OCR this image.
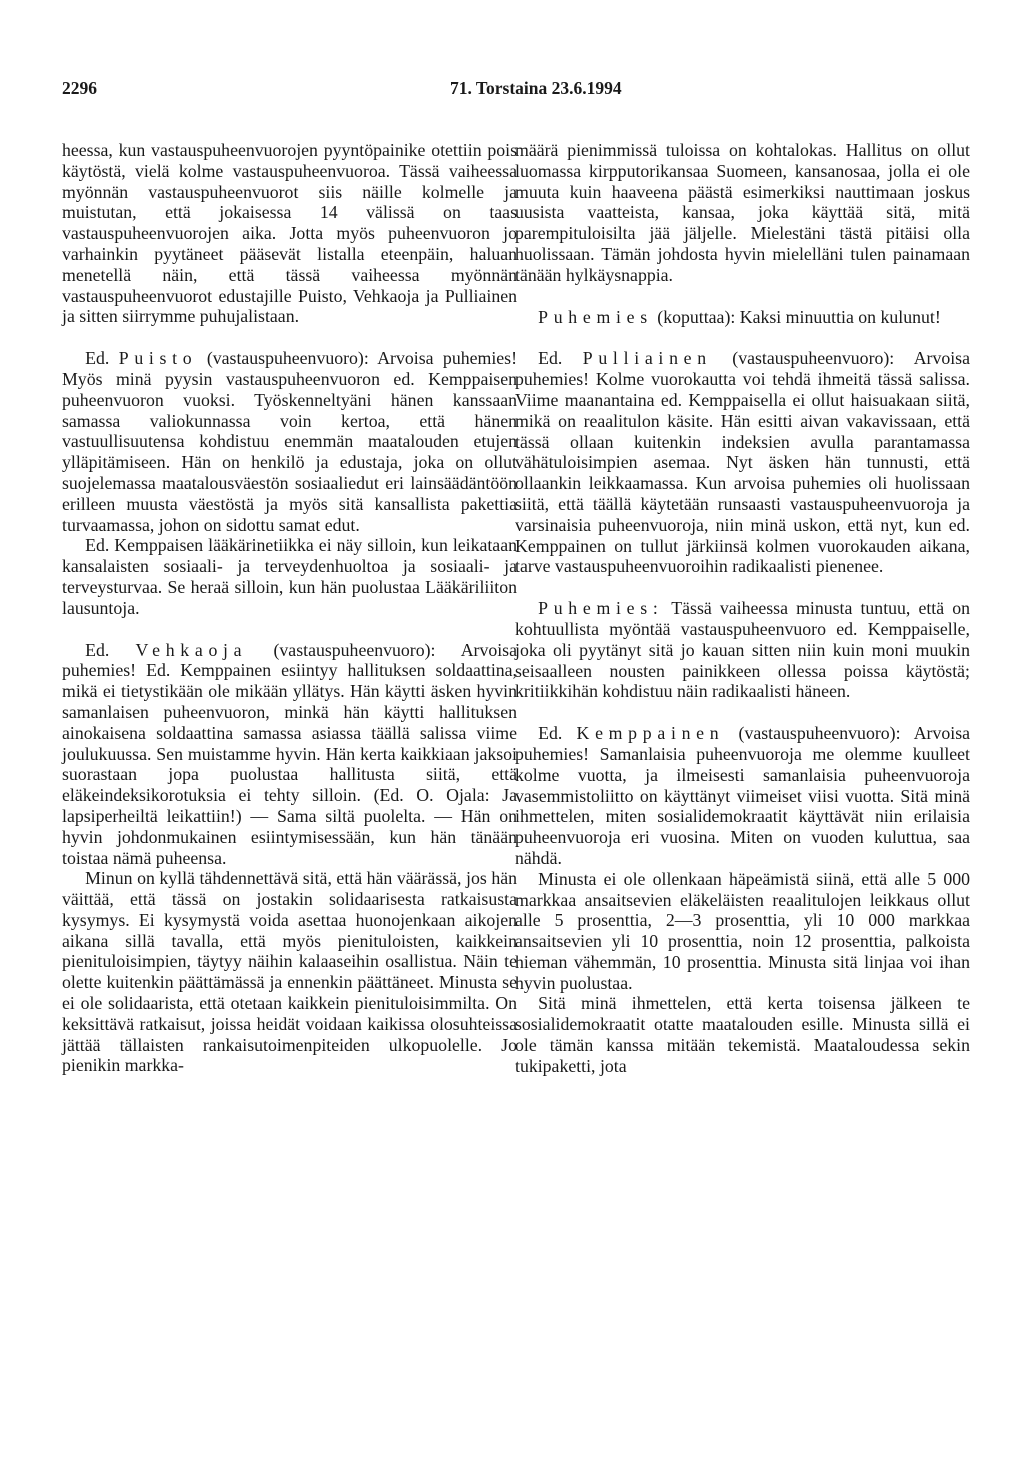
2296	71. Torstaina 23.6.1994

heessa, kun vastauspuheenvuorojen pyyntöpainike otettiin pois käytöstä, vielä kolme vastauspuheenvuoroa. Tässä vaiheessa myönnän vastauspuheenvuorot siis näille kolmelle ja muistutan, että jokaisessa 14 välissä on taas vastauspuheenvuorojen aika. Jotta myös puheenvuoron jo varhainkin pyytäneet pääsevät listalla eteenpäin, haluan menetellä näin, että tässä vaiheessa myönnän vastauspuheenvuorot edustajille Puisto, Vehkaoja ja Pulliainen ja sitten siirrymme puhujalistaan.

Ed. Puisto (vastauspuheenvuoro): Arvoisa puhemies! Myös minä pyysin vastauspuheenvuoron ed. Kemppaisen puheenvuoron vuoksi. Työskenneltyäni hänen kanssaan samassa valiokunnassa voin kertoa, että hänen vastuullisuutensa kohdistuu enemmän maatalouden etujen ylläpitämiseen. Hän on henkilö ja edustaja, joka on ollut suojelemassa maatalousväestön sosiaaliedut eri lainsäädäntöön erilleen muusta väestöstä ja myös sitä kansallista pakettia turvaamassa, johon on sidottu samat edut.

Ed. Kemppaisen lääkärinetiikka ei näy silloin, kun leikataan kansalaisten sosiaali- ja terveydenhuoltoa ja sosiaali- ja terveysturvaa. Se heraä silloin, kun hän puolustaa Lääkäriliiton lausuntoja.

Ed. Vehkaoja (vastauspuheenvuoro): Arvoisa puhemies! Ed. Kemppainen esiintyy hallituksen soldaattina, mikä ei tietystikään ole mikään yllätys. Hän käytti äsken hyvin samanlaisen puheenvuoron, minkä hän käytti hallituksen ainokaisena soldaattina samassa asiassa täällä salissa viime joulukuussa. Sen muistamme hyvin. Hän kerta kaikkiaan jaksoi suorastaan jopa puolustaa hallitusta siitä, että eläkeindeksikorotuksia ei tehty silloin. (Ed. O. Ojala: Ja lapsiperheiltä leikattiin!) — Sama siltä puolelta. — Hän on hyvin johdonmukainen esiintymisessään, kun hän tänään toistaa nämä puheensa.

Minun on kyllä tähdennettävä sitä, että hän väärässä, jos hän väittää, että tässä on jostakin solidaarisesta ratkaisusta kysymys. Ei kysymystä voida asettaa huonojenkaan aikojen aikana sillä tavalla, että myös pienituloisten, kaikkein pienituloisimpien, täytyy näihin kalaaseihin osallistua. Näin te olette kuitenkin päättämässä ja ennenkin päättäneet. Minusta se ei ole solidaarista, että otetaan kaikkein pienituloisimmilta. On keksittävä ratkaisut, joissa heidät voidaan kaikissa olosuhteissa jättää tällaisten rankaisutoimenpiteiden ulkopuolelle. Jo pienikin markka-

määrä pienimmissä tuloissa on kohtalokas. Hallitus on ollut luomassa kirpputorikansaa Suomeen, kansanosaa, jolla ei ole muuta kuin haaveena päästä esimerkiksi nauttimaan joskus uusista vaatteista, kansaa, joka käyttää sitä, mitä parempituloisilta jää jäljelle. Mielestäni tästä pitäisi olla huolissaan. Tämän johdosta hyvin mielelläni tulen painamaan tänään hylkäysnappia.

Puhemies (koputtaa): Kaksi minuuttia on kulunut!

Ed. Pulliainen (vastauspuheenvuoro): Arvoisa puhemies! Kolme vuorokautta voi tehdä ihmeitä tässä salissa. Viime maanantaina ed. Kemppaisella ei ollut haisuakaan siitä, mikä on reaalitulon käsite. Hän esitti aivan vakavissaan, että tässä ollaan kuitenkin indeksien avulla parantamassa vähätuloisimpien asemaa. Nyt äsken hän tunnusti, että ollaankin leikkaamassa. Kun arvoisa puhemies oli huolissaan siitä, että täällä käytetään runsaasti vastauspuheenvuoroja ja varsinaisia puheenvuoroja, niin minä uskon, että nyt, kun ed. Kemppainen on tullut järkiinsä kolmen vuorokauden aikana, tarve vastauspuheenvuoroihin radikaalisti pienenee.

Puhemies: Tässä vaiheessa minusta tuntuu, että on kohtuullista myöntää vastauspuheenvuoro ed. Kemppaiselle, joka oli pyytänyt sitä jo kauan sitten niin kuin moni muukin seisaalleen nousten painikkeen ollessa poissa käytöstä; kritiikkihän kohdistuu näin radikaalisti häneen.

Ed. Kemppainen (vastauspuheenvuoro): Arvoisa puhemies! Samanlaisia puheenvuoroja me olemme kuulleet kolme vuotta, ja ilmeisesti samanlaisia puheenvuoroja vasemmistoliitto on käyttänyt viimeiset viisi vuotta. Sitä minä ihmettelen, miten sosialidemokraatit käyttävät niin erilaisia puheenvuoroja eri vuosina. Miten on vuoden kuluttua, saa nähdä.

Minusta ei ole ollenkaan häpeämistä siinä, että alle 5 000 markkaa ansaitsevien eläkeläisten reaalitulojen leikkaus ollut alle 5 prosenttia, 2—3 prosenttia, yli 10 000 markkaa ansaitsevien yli 10 prosenttia, noin 12 prosenttia, palkoista hieman vähemmän, 10 prosenttia. Minusta sitä linjaa voi ihan hyvin puolustaa.

Sitä minä ihmettelen, että kerta toisensa jälkeen te sosialidemokraatit otatte maatalouden esille. Minusta sillä ei ole tämän kanssa mitään tekemistä. Maataloudessa sekin tukipaketti, jota
